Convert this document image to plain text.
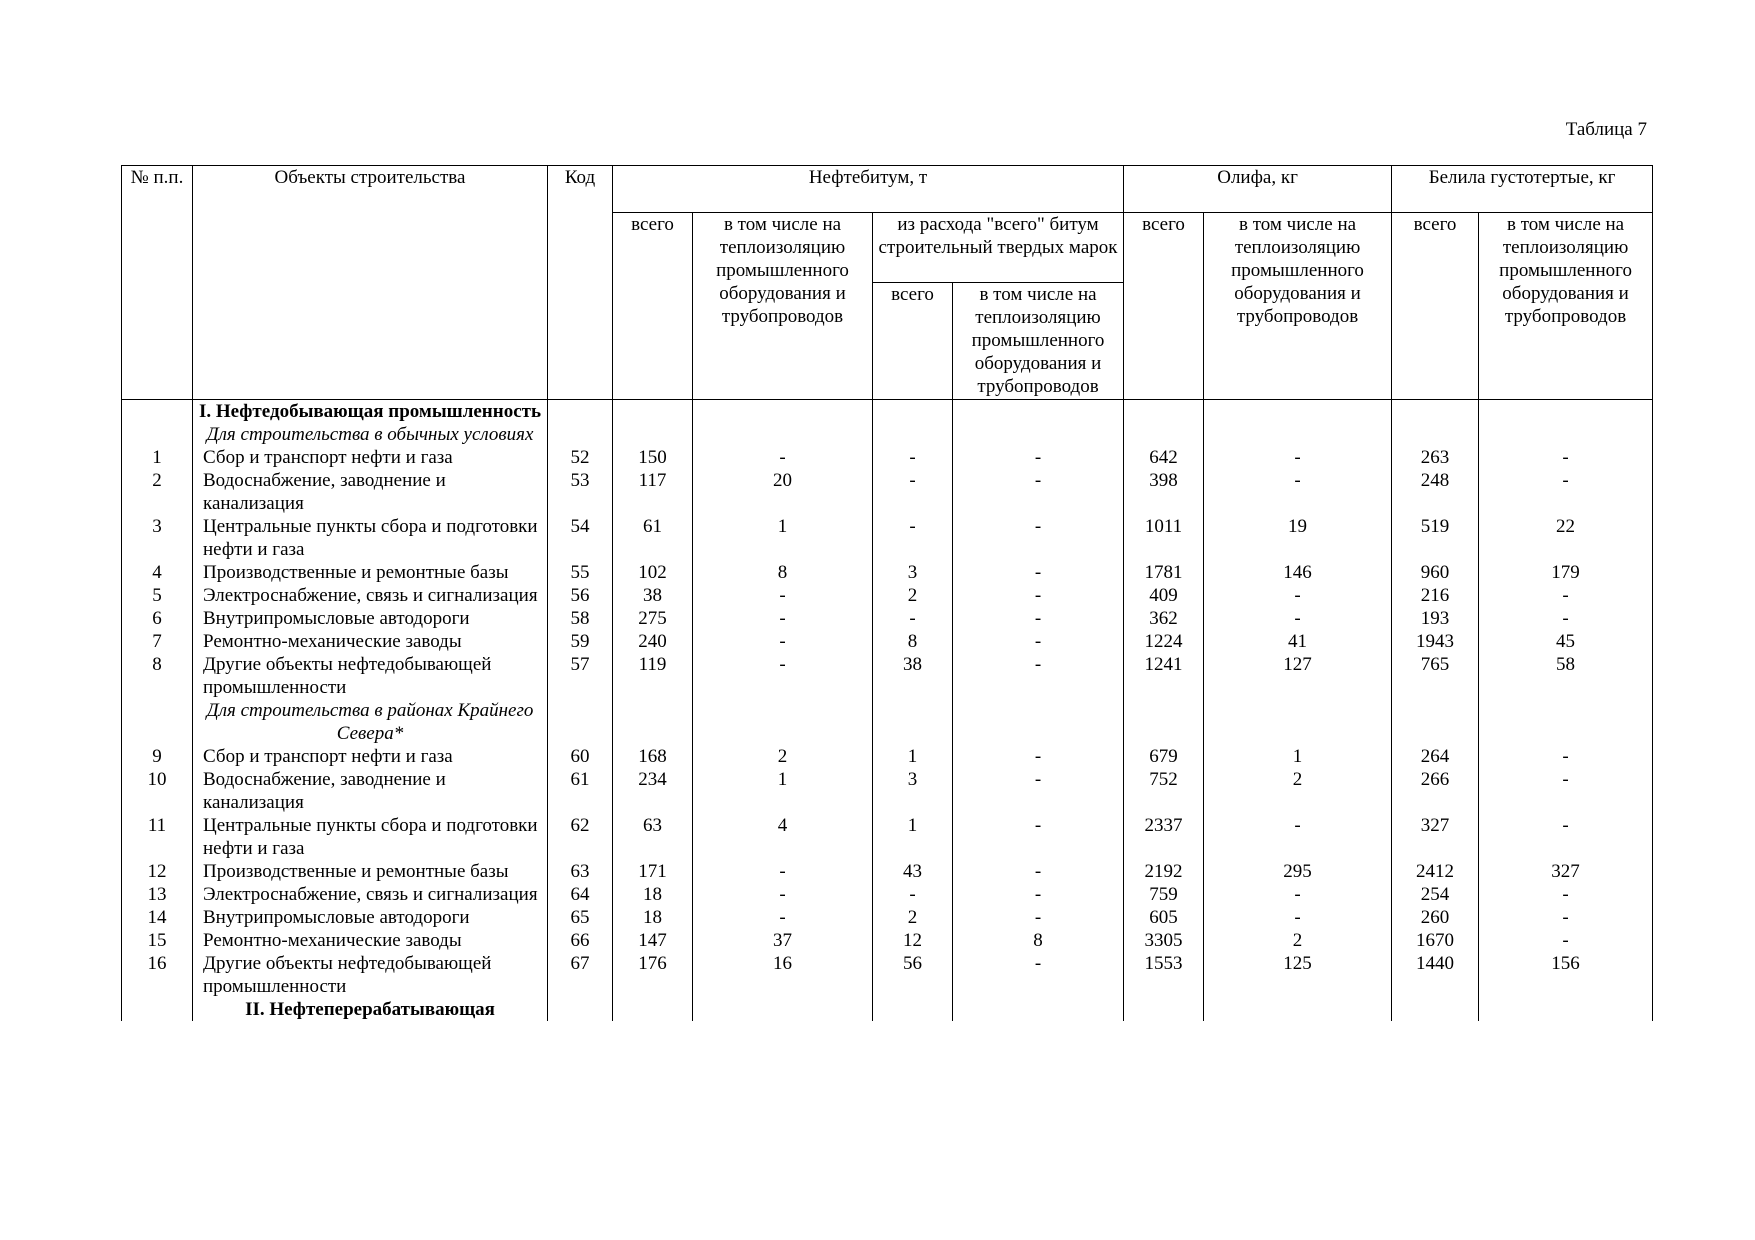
Таблица 7
№ п.п.	Объекты строительства	Код	Нефтебитум, т				Олифа, кг		Белила густотертые, кг	
			всего	в том числе на теплоизоляцию промышленного оборудования и трубопроводов	из расхода "всего" битум строительный твердых марок		всего	в том числе на теплоизоляцию промышленного оборудования и трубопроводов	всего	в том числе на теплоизоляцию промышленного оборудования и трубопроводов
					всего	в том числе на теплоизоляцию промышленного оборудования и трубопроводов				
	I. Нефтедобывающая промышленность									
	Для строительства в обычных условиях									
1	Сбор и транспорт нефти и газа	52	150	-	-	-	642	-	263	-
2	Водоснабжение, заводнение и канализация	53	117	20	-	-	398	-	248	-
3	Центральные пункты сбора и подготовки нефти и газа	54	61	1	-	-	1011	19	519	22
4	Производственные и ремонтные базы	55	102	8	3	-	1781	146	960	179
5	Электроснабжение, связь и сигнализация	56	38	-	2	-	409	-	216	-
6	Внутрипромысловые автодороги	58	275	-	-	-	362	-	193	-
7	Ремонтно-механические заводы	59	240	-	8	-	1224	41	1943	45
8	Другие объекты нефтедобывающей промышленности	57	119	-	38	-	1241	127	765	58
	Для строительства в районах Крайнего Севера*									
9	Сбор и транспорт нефти и газа	60	168	2	1	-	679	1	264	-
10	Водоснабжение, заводнение и канализация	61	234	1	3	-	752	2	266	-
11	Центральные пункты сбора и подготовки нефти и газа	62	63	4	1	-	2337	-	327	-
12	Производственные и ремонтные базы	63	171	-	43	-	2192	295	2412	327
13	Электроснабжение, связь и сигнализация	64	18	-	-	-	759	-	254	-
14	Внутрипромысловые автодороги	65	18	-	2	-	605	-	260	-
15	Ремонтно-механические заводы	66	147	37	12	8	3305	2	1670	-
16	Другие объекты нефтедобывающей промышленности	67	176	16	56	-	1553	125	1440	156
	II. Нефтеперерабатывающая									
